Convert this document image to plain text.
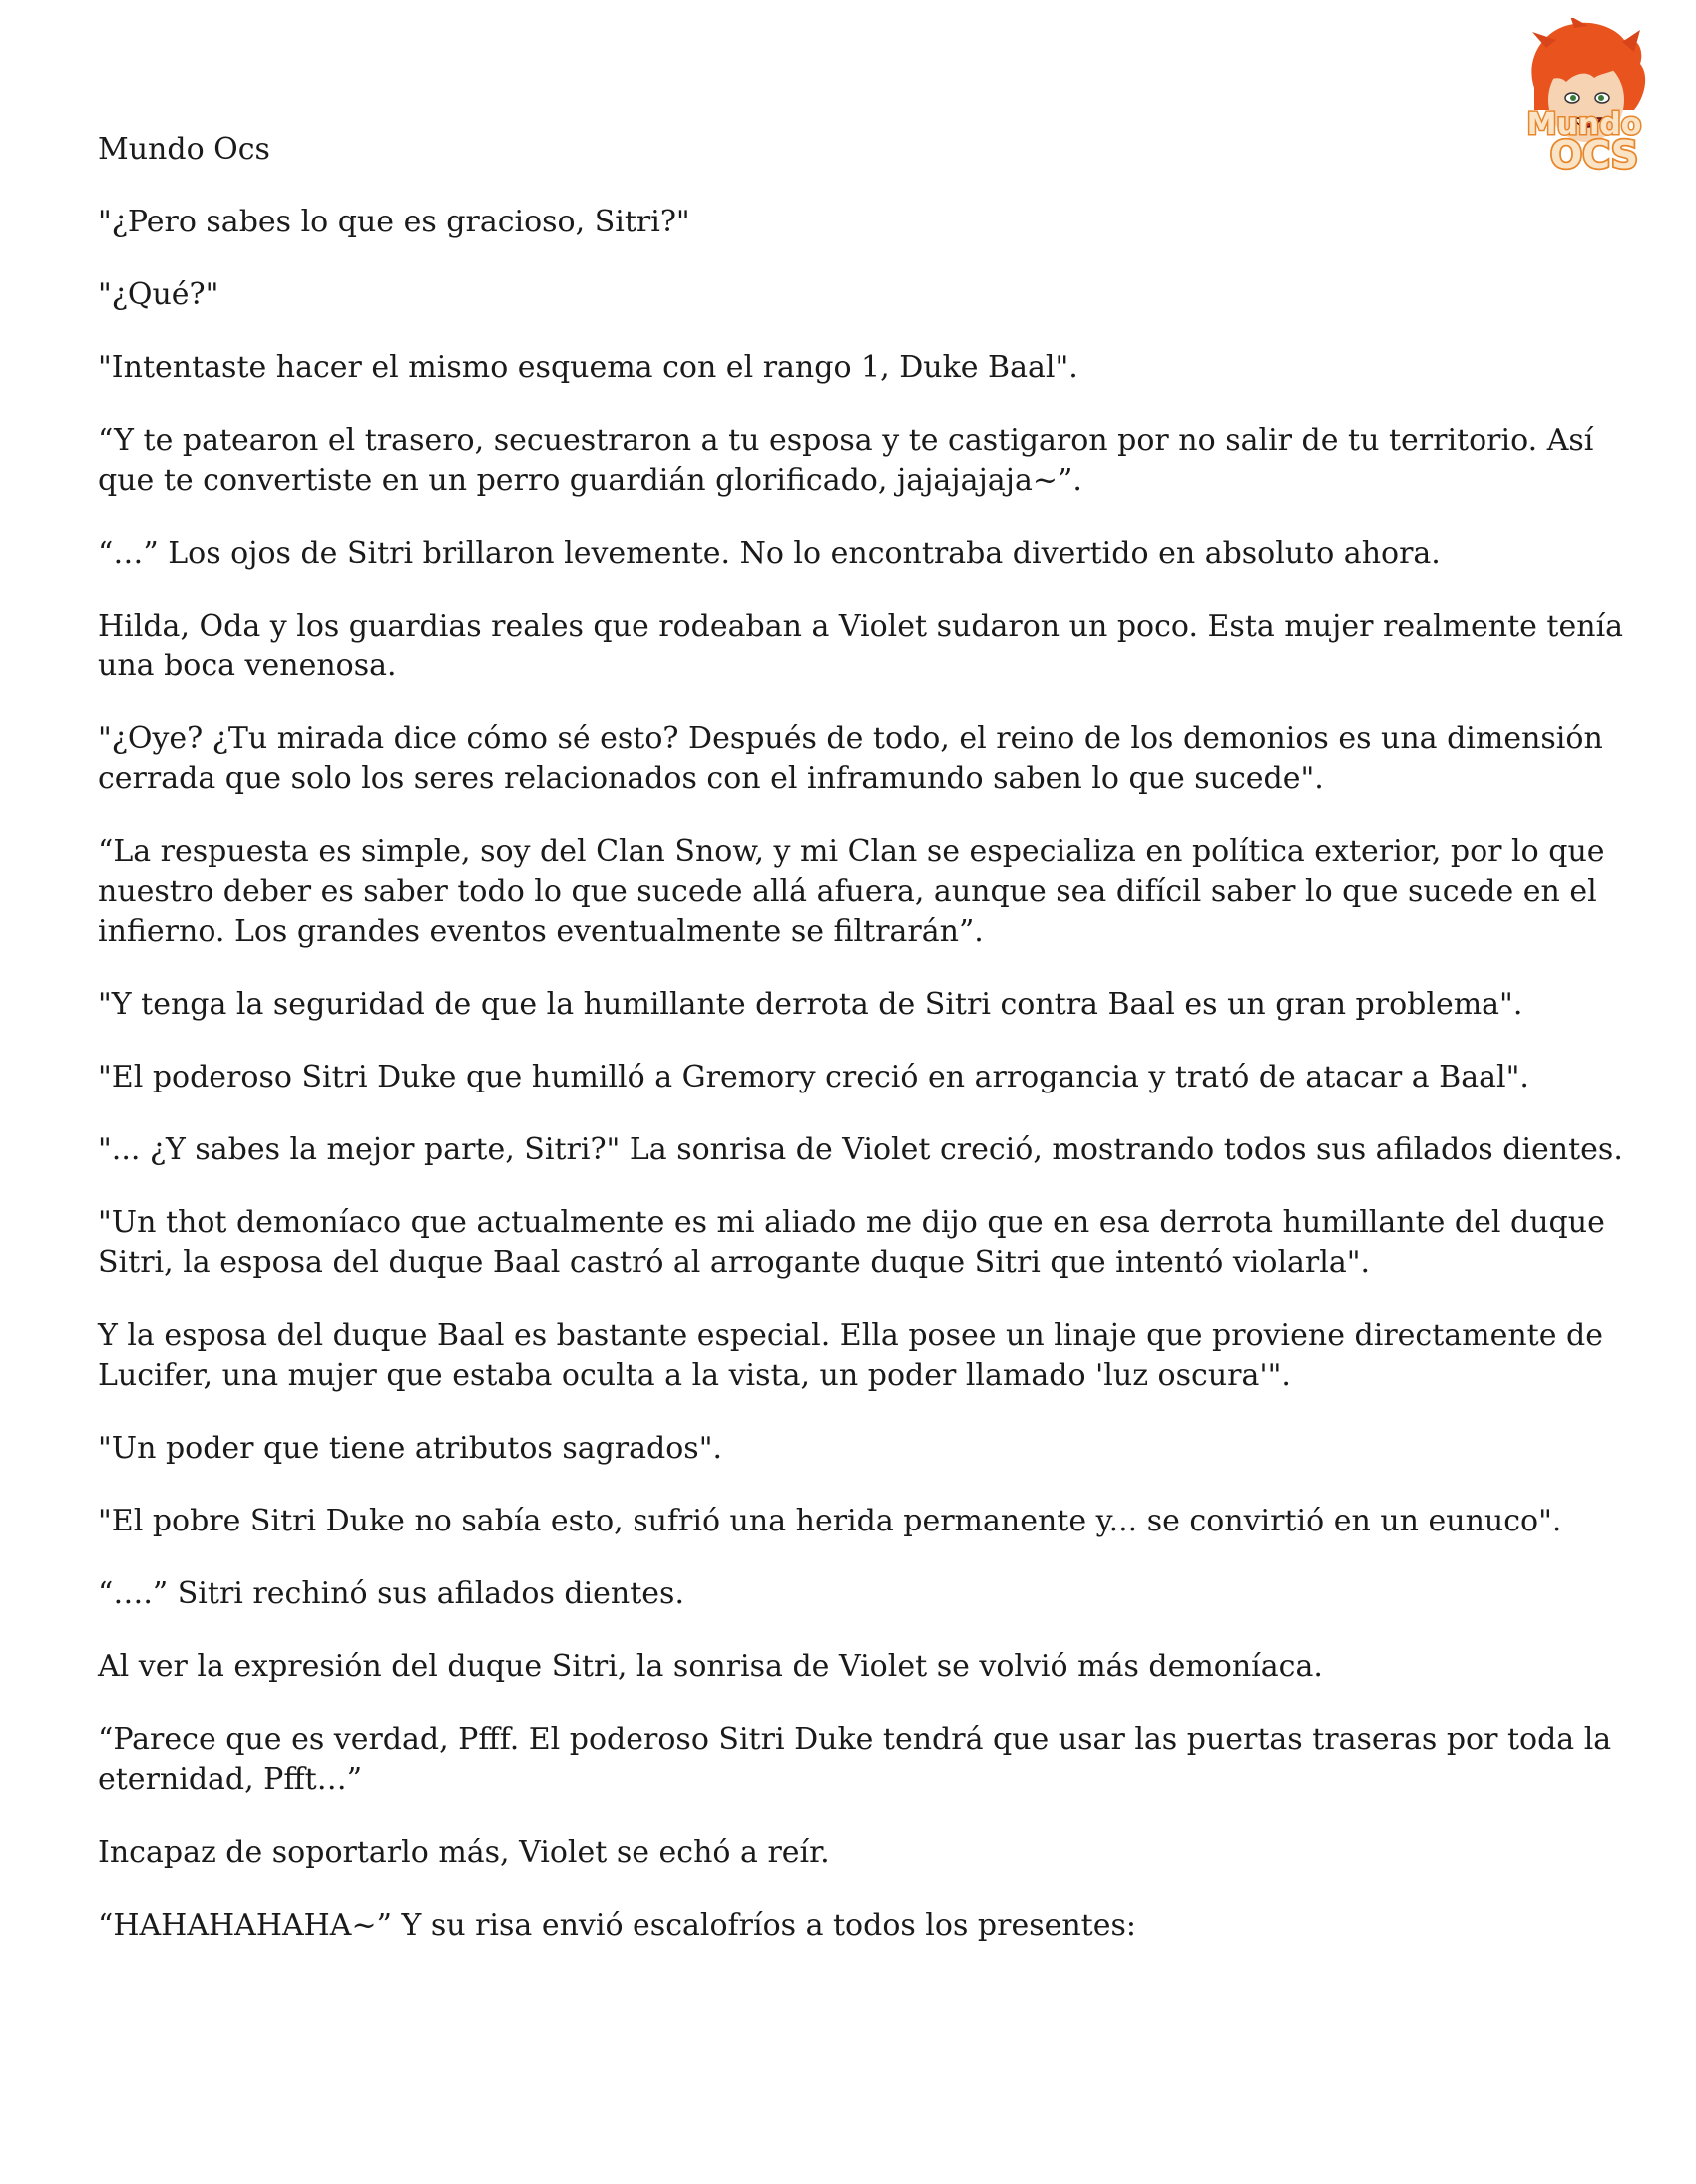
Mundo
OCS

Mundo Ocs

"¿Pero sabes lo que es gracioso, Sitri?"

"¿Qué?"

"Intentaste hacer el mismo esquema con el rango 1, Duke Baal".

“Y te patearon el trasero, secuestraron a tu esposa y te castigaron por no salir de tu territorio. Así que te convertiste en un perro guardián glorificado, jajajajaja~”.

“…” Los ojos de Sitri brillaron levemente. No lo encontraba divertido en absoluto ahora.

Hilda, Oda y los guardias reales que rodeaban a Violet sudaron un poco. Esta mujer realmente tenía una boca venenosa.

"¿Oye? ¿Tu mirada dice cómo sé esto? Después de todo, el reino de los demonios es una dimensión cerrada que solo los seres relacionados con el inframundo saben lo que sucede".

“La respuesta es simple, soy del Clan Snow, y mi Clan se especializa en política exterior, por lo que nuestro deber es saber todo lo que sucede allá afuera, aunque sea difícil saber lo que sucede en el infierno. Los grandes eventos eventualmente se filtrarán”.

"Y tenga la seguridad de que la humillante derrota de Sitri contra Baal es un gran problema".

"El poderoso Sitri Duke que humilló a Gremory creció en arrogancia y trató de atacar a Baal".

"... ¿Y sabes la mejor parte, Sitri?" La sonrisa de Violet creció, mostrando todos sus afilados dientes.

"Un thot demoníaco que actualmente es mi aliado me dijo que en esa derrota humillante del duque Sitri, la esposa del duque Baal castró al arrogante duque Sitri que intentó violarla".

Y la esposa del duque Baal es bastante especial. Ella posee un linaje que proviene directamente de Lucifer, una mujer que estaba oculta a la vista, un poder llamado 'luz oscura'".

"Un poder que tiene atributos sagrados".

"El pobre Sitri Duke no sabía esto, sufrió una herida permanente y... se convirtió en un eunuco".

“….” Sitri rechinó sus afilados dientes.

Al ver la expresión del duque Sitri, la sonrisa de Violet se volvió más demoníaca.

“Parece que es verdad, Pfff. El poderoso Sitri Duke tendrá que usar las puertas traseras por toda la eternidad, Pfft…”

Incapaz de soportarlo más, Violet se echó a reír.

“HAHAHAHAHA~” Y su risa envió escalofríos a todos los presentes:
